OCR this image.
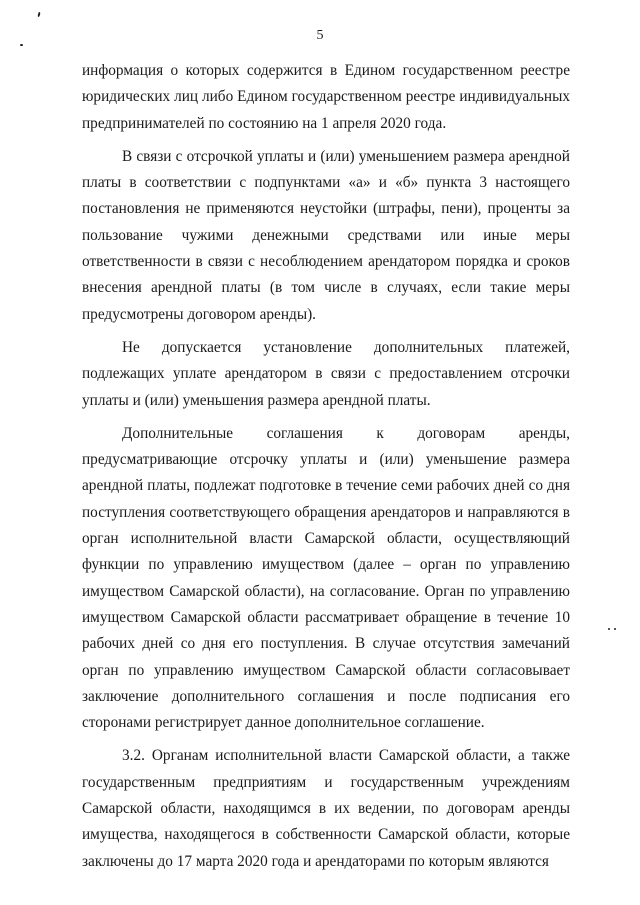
5

информация о которых содержится в Едином государственном реестре юридических лиц либо Едином государственном реестре индивидуальных предпринимателей по состоянию на 1 апреля 2020 года.

В связи с отсрочкой уплаты и (или) уменьшением размера арендной платы в соответствии с подпунктами «а» и «б» пункта 3 настоящего постановления не применяются неустойки (штрафы, пени), проценты за пользование чужими денежными средствами или иные меры ответственности в связи с несоблюдением арендатором порядка и сроков внесения арендной платы (в том числе в случаях, если такие меры предусмотрены договором аренды).

Не допускается установление дополнительных платежей, подлежащих уплате арендатором в связи с предоставлением отсрочки уплаты и (или) уменьшения размера арендной платы.

Дополнительные соглашения к договорам аренды, предусматривающие отсрочку уплаты и (или) уменьшение размера арендной платы, подлежат подготовке в течение семи рабочих дней со дня поступления соответствующего обращения арендаторов и направляются в орган исполнительной власти Самарской области, осуществляющий функции по управлению имуществом (далее – орган по управлению имуществом Самарской области), на согласование. Орган по управлению имуществом Самарской области рассматривает обращение в течение 10 рабочих дней со дня его поступления. В случае отсутствия замечаний орган по управлению имуществом Самарской области согласовывает заключение дополнительного соглашения и после подписания его сторонами регистрирует данное дополнительное соглашение.

3.2. Органам исполнительной власти Самарской области, а также государственным предприятиям и государственным учреждениям Самарской области, находящимся в их ведении, по договорам аренды имущества, находящегося в собственности Самарской области, которые заключены до 17 марта 2020 года и арендаторами по которым являются
